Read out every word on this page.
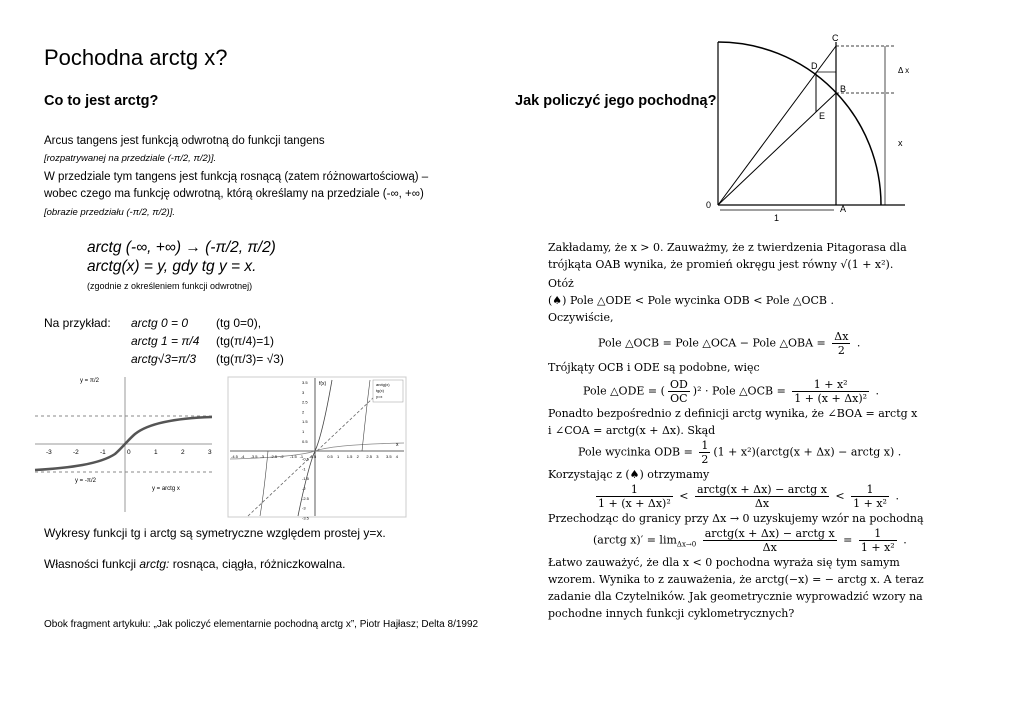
Pochodna arctg x?
Co to jest arctg?	Jak policzyć jego pochodną?
Arcus tangens jest funkcją odwrotną do funkcji tangens
[rozpatrywanej na przedziale (-π/2, π/2)].
W przedziale tym tangens jest funkcją rosnącą (zatem różnowartościową) –
wobec czego ma funkcję odwrotną, którą określamy na przedziale (-∞, +∞)
[obrazie przedziału (-π/2, π/2)].
arctg (-∞, +∞) → (-π/2, π/2)
arctg(x) = y, gdy tg y = x.
(zgodnie z określeniem funkcji odwrotnej)
Na przykład: arctg 0 = 0 (tg 0=0),
arctg 1 = π/4 (tg(π/4)=1)
arctg√3=π/3 (tg(π/3)= √3)
y = π/2
y = -π/2
y = arctg x
-3	-2	-1	0	1	2	3
f(x)
x
arctg(x)
tg(x)
y=x
3.5
3
2.5
2
1.5
1
0.5
-0.5
-1
-1.5
-2
-2.5
-3
-3.5
-4.5 -4 -3.5 -3 -2.5 -2 -1.5 -1 -0.5	0.5 1 1.5 2 2.5 3 3.5 4
Wykresy funkcji tg i arctg są symetryczne względem prostej y=x.
Własności funkcji arctg: rosnąca, ciągła, różniczkowalna.
Obok fragment artykułu: „Jak policzyć elementarnie pochodną arctg x”, Piotr Hajłasz; Delta 8/1992
C
Δ x
D
B
E
x
0
1
A
Zakładamy, że x > 0. Zauważmy, że z twierdzenia Pitagorasa dla
trójkąta OAB wynika, że promień okręgu jest równy √(1 + x²).
Otóż
(♠) Pole △ODE < Pole wycinka ODB < Pole △OCB .
Oczywiście,
Pole △OCB = Pole △OCA − Pole △OBA = $\frac{\Delta x}{2}$ .
Trójkąty OCB i ODE są podobne, więc
Pole △ODE = ( $\frac{OD}{OC} )^2$ · Pole △OCB = $\frac{\text{1 + x²}}{\text{1 + (x + Δx)²}}$ .
Ponadto bezpośrednio z definicji arctg wynika, że ∠BOA = arctg x
i ∠COA = arctg(x + Δx). Skąd
Pole wycinka ODB = $\frac{1}{2} (1$ + x²)(arctg(x + Δx) − arctg x) .
Korzystając z (♠) otrzymamy
$\frac{1}{\text{1 + (x + Δx)²}} < \frac{\text{arctg(x + Δx) − arctg x}}{\Delta x} < \frac{1}{\text{1 + x²}}$ .
Przechodząc do granicy przy Δx → 0 uzyskujemy wzór na pochodną
(arctg $x)' = \lim_{\Delta x\to 0} \frac{\text{arctg(x + Δx) − arctg x}}{\Delta x} = \frac{1}{\text{1 + x²}}$ .
Łatwo zauważyć, że dla x < 0 pochodna wyraża się tym samym
wzorem. Wynika to z zauważenia, że arctg(−x) = − arctg x. A teraz
zadanie dla Czytelników. Jak geometrycznie wyprowadzić wzory na
pochodne innych funkcji cyklometrycznych?
